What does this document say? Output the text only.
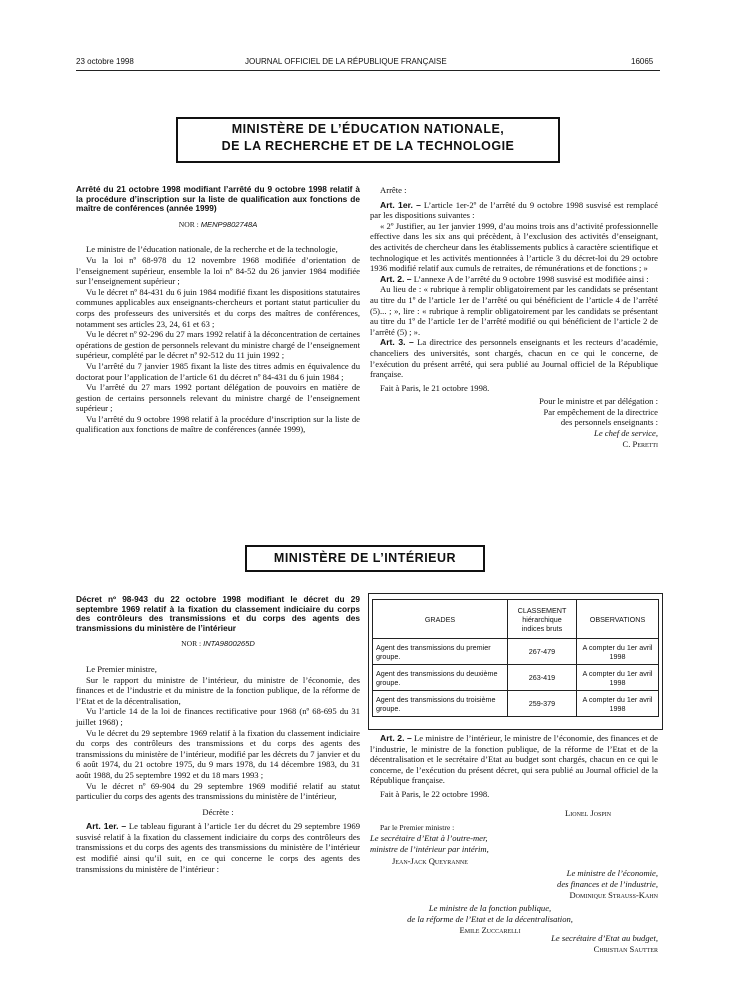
23 octobre 1998	JOURNAL OFFICIEL DE LA RÉPUBLIQUE FRANÇAISE	16065
MINISTÈRE DE L’ÉDUCATION NATIONALE,
DE LA RECHERCHE ET DE LA TECHNOLOGIE
Arrêté du 21 octobre 1998 modifiant l’arrêté du 9 octobre 1998 relatif à la procédure d’inscription sur la liste de qualification aux fonctions de maître de conférences (année 1999)
NOR : MENP9802748A

Le ministre de l’éducation nationale, de la recherche et de la technologie,

Vu la loi nº 68-978 du 12 novembre 1968 modifiée d’orientation de l’enseignement supérieur, ensemble la loi nº 84-52 du 26 janvier 1984 modifiée sur l’enseignement supérieur ;

Vu le décret nº 84-431 du 6 juin 1984 modifié fixant les dispositions statutaires communes applicables aux enseignants-chercheurs et portant statut particulier du corps des professeurs des universités et du corps des maîtres de conférences, notamment ses articles 23, 24, 61 et 63 ;

Vu le décret nº 92-296 du 27 mars 1992 relatif à la déconcentration de certaines opérations de gestion de personnels relevant du ministre chargé de l’enseignement supérieur, complété par le décret nº 92-512 du 11 juin 1992 ;

Vu l’arrêté du 7 janvier 1985 fixant la liste des titres admis en équivalence du doctorat pour l’application de l’article 61 du décret nº 84-431 du 6 juin 1984 ;

Vu l’arrêté du 27 mars 1992 portant délégation de pouvoirs en matière de gestion de certains personnels relevant du ministre chargé de l’enseignement supérieur ;

Vu l’arrêté du 9 octobre 1998 relatif à la procédure d’inscription sur la liste de qualification aux fonctions de maître de conférences (année 1999),

Arrête :

Art. 1er. – L’article 1er-2º de l’arrêté du 9 octobre 1998 susvisé est remplacé par les dispositions suivantes :

« 2º Justifier, au 1er janvier 1999, d’au moins trois ans d’activité professionnelle effective dans les six ans qui précèdent, à l’exclusion des activités d’enseignant, des activités de chercheur dans les établissements publics à caractère scientifique et technologique et les activités mentionnées à l’article 3 du décret-loi du 29 octobre 1936 modifié relatif aux cumuls de retraites, de rémunérations et de fonctions ; »

Art. 2. – L’annexe A de l’arrêté du 9 octobre 1998 susvisé est modifiée ainsi :

Au lieu de : « rubrique à remplir obligatoirement par les candidats se présentant au titre du 1º de l’article 1er de l’arrêté ou qui bénéficient de l’article 4 de l’arrêté (5)... ; », lire : « rubrique à remplir obligatoirement par les candidats se présentant au titre du 1º de l’article 1er de l’arrêté modifié ou qui bénéficient de l’article 2 de l’arrêté (5) ; ».

Art. 3. – La directrice des personnels enseignants et les recteurs d’académie, chanceliers des universités, sont chargés, chacun en ce qui le concerne, de l’exécution du présent arrêté, qui sera publié au Journal officiel de la République française.

Fait à Paris, le 21 octobre 1998.

Pour le ministre et par délégation :
Par empêchement de la directrice
des personnels enseignants :
Le chef de service,
C. Peretti
MINISTÈRE DE L’INTÉRIEUR
Décret nº 98-943 du 22 octobre 1998 modifiant le décret du 29 septembre 1969 relatif à la fixation du classement indiciaire du corps des contrôleurs des transmissions et du corps des agents des transmissions du ministère de l’intérieur
NOR : INTA9800265D

Le Premier ministre,

Sur le rapport du ministre de l’intérieur, du ministre de l’économie, des finances et de l’industrie et du ministre de la fonction publique, de la réforme de l’Etat et de la décentralisation,

Vu l’article 14 de la loi de finances rectificative pour 1968 (nº 68-695 du 31 juillet 1968) ;

Vu le décret du 29 septembre 1969 relatif à la fixation du classement indiciaire du corps des contrôleurs des transmissions et du corps des agents des transmissions du ministère de l’intérieur, modifié par les décrets du 7 janvier et du 6 août 1974, du 21 octobre 1975, du 9 mars 1978, du 14 décembre 1983, du 31 août 1988, du 25 septembre 1992 et du 18 mars 1993 ;

Vu le décret nº 69-904 du 29 septembre 1969 modifié relatif au statut particulier du corps des agents des transmissions du ministère de l’intérieur,

Décrète :

Art. 1er. – Le tableau figurant à l’article 1er du décret du 29 septembre 1969 susvisé relatif à la fixation du classement indiciaire du corps des contrôleurs des transmissions et du corps des agents des transmissions du ministère de l’intérieur est modifié ainsi qu’il suit, en ce qui concerne le corps des agents des transmissions du ministère de l’intérieur :

GRADES	CLASSEMENT hiérarchique indices bruts	OBSERVATIONS
Agent des transmissions du premier groupe.	267-479	A compter du 1er avril 1998
Agent des transmissions du deuxième groupe.	263-419	A compter du 1er avril 1998
Agent des transmissions du troisième groupe.	259-379	A compter du 1er avril 1998

Art. 2. – Le ministre de l’intérieur, le ministre de l’économie, des finances et de l’industrie, le ministre de la fonction publique, de la réforme de l’Etat et de la décentralisation et le secrétaire d’Etat au budget sont chargés, chacun en ce qui le concerne, de l’exécution du présent décret, qui sera publié au Journal officiel de la République française.

Fait à Paris, le 22 octobre 1998.

Lionel Jospin
Par le Premier ministre :
Le secrétaire d’Etat à l’outre-mer,
ministre de l’intérieur par intérim,
Jean-Jack Queyranne
Le ministre de l’économie,
des finances et de l’industrie,
Dominique Strauss-Kahn
Le ministre de la fonction publique,
de la réforme de l’Etat et de la décentralisation,
Emile Zuccarelli
Le secrétaire d’Etat au budget,
Christian Sautter
